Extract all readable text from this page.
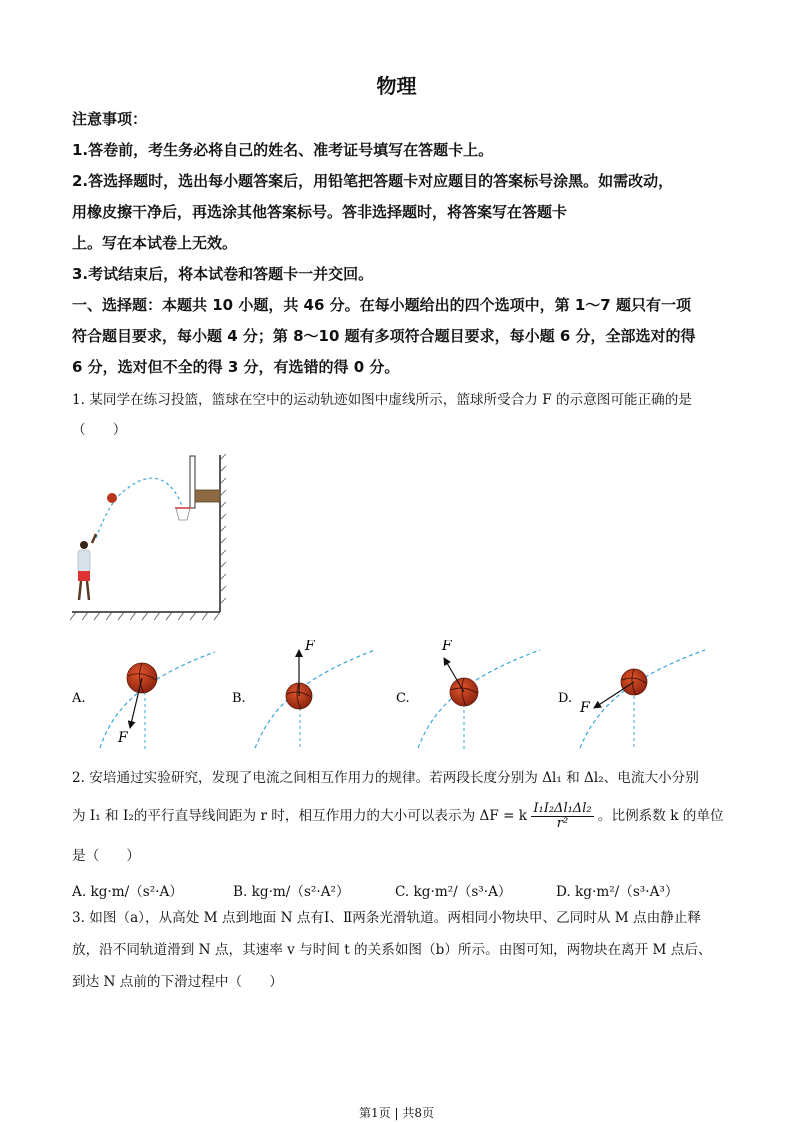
物理
注意事项：
1.答卷前，考生务必将自己的姓名、准考证号填写在答题卡上。
2.答选择题时，选出每小题答案后，用铅笔把答题卡对应题目的答案标号涂黑。如需改动，
用橡皮擦干净后，再选涂其他答案标号。答非选择题时，将答案写在答题卡
上。写在本试卷上无效。
3.考试结束后，将本试卷和答题卡一并交回。
一、选择题：本题共 10 小题，共 46 分。在每小题给出的四个选项中，第 1～7 题只有一项
符合题目要求，每小题 4 分；第 8～10 题有多项符合题目要求，每小题 6 分，全部选对的得
6 分，选对但不全的得 3 分，有选错的得 0 分。
1. 某同学在练习投篮，篮球在空中的运动轨迹如图中虚线所示，篮球所受合力 F 的示意图可能正确的是
（　　）
A.
F
B.
F
C.
F
D.
F
2. 安培通过实验研究，发现了电流之间相互作用力的规律。若两段长度分别为 Δl₁ 和 Δl₂、电流大小分别
为 I₁ 和 I₂的平行直导线间距为 r 时，相互作用力的大小可以表示为 ΔF = k $\frac{\text{I₁I₂Δl₁Δl₂}}{\text{r²}}$ 。比例系数 k 的单位
是（　　）
A. kg·m/（s²·A）	B. kg·m/（s²·A²）	C. kg·m²/（s³·A）	D. kg·m²/（s³·A³）
3. 如图（a），从高处 M 点到地面 N 点有Ⅰ、Ⅱ两条光滑轨道。两相同小物块甲、乙同时从 M 点由静止释
放，沿不同轨道滑到 N 点，其速率 v 与时间 t 的关系如图（b）所示。由图可知，两物块在离开 M 点后、
到达 N 点前的下滑过程中（　　）
第1页 | 共8页
